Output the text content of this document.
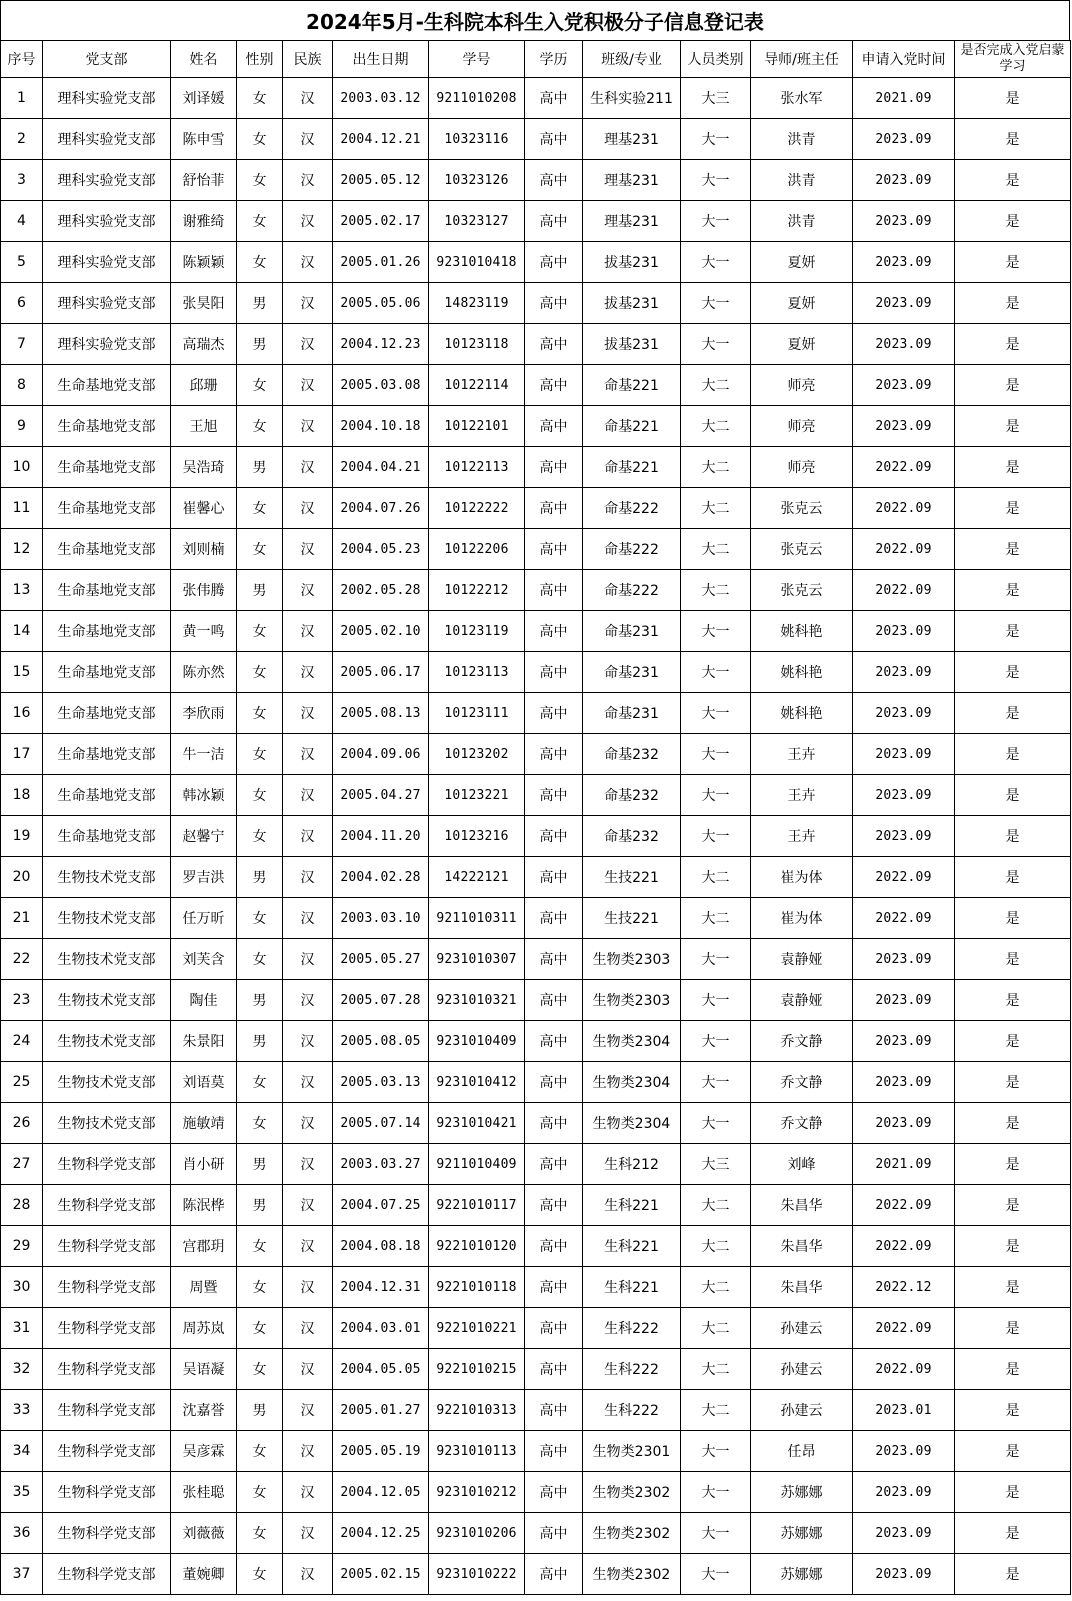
2024年5月-生科院本科生入党积极分子信息登记表
序号	党支部	姓名	性别	民族	出生日期	学号	学历	班级/专业	人员类别	导师/班主任	申请入党时间	是否完成入党启蒙学习
1	理科实验党支部	刘译媛	女	汉	2003.03.12	9211010208	高中	生科实验211	大三	张水军	2021.09	是
2	理科实验党支部	陈申雪	女	汉	2004.12.21	10323116	高中	理基231	大一	洪青	2023.09	是
3	理科实验党支部	舒怡菲	女	汉	2005.05.12	10323126	高中	理基231	大一	洪青	2023.09	是
4	理科实验党支部	谢雅绮	女	汉	2005.02.17	10323127	高中	理基231	大一	洪青	2023.09	是
5	理科实验党支部	陈颖颖	女	汉	2005.01.26	9231010418	高中	拔基231	大一	夏妍	2023.09	是
6	理科实验党支部	张昊阳	男	汉	2005.05.06	14823119	高中	拔基231	大一	夏妍	2023.09	是
7	理科实验党支部	高瑞杰	男	汉	2004.12.23	10123118	高中	拔基231	大一	夏妍	2023.09	是
8	生命基地党支部	邱珊	女	汉	2005.03.08	10122114	高中	命基221	大二	师亮	2023.09	是
9	生命基地党支部	王旭	女	汉	2004.10.18	10122101	高中	命基221	大二	师亮	2023.09	是
10	生命基地党支部	吴浩琦	男	汉	2004.04.21	10122113	高中	命基221	大二	师亮	2022.09	是
11	生命基地党支部	崔馨心	女	汉	2004.07.26	10122222	高中	命基222	大二	张克云	2022.09	是
12	生命基地党支部	刘则楠	女	汉	2004.05.23	10122206	高中	命基222	大二	张克云	2022.09	是
13	生命基地党支部	张伟腾	男	汉	2002.05.28	10122212	高中	命基222	大二	张克云	2022.09	是
14	生命基地党支部	黄一鸣	女	汉	2005.02.10	10123119	高中	命基231	大一	姚科艳	2023.09	是
15	生命基地党支部	陈亦然	女	汉	2005.06.17	10123113	高中	命基231	大一	姚科艳	2023.09	是
16	生命基地党支部	李欣雨	女	汉	2005.08.13	10123111	高中	命基231	大一	姚科艳	2023.09	是
17	生命基地党支部	牛一洁	女	汉	2004.09.06	10123202	高中	命基232	大一	王卉	2023.09	是
18	生命基地党支部	韩冰颖	女	汉	2005.04.27	10123221	高中	命基232	大一	王卉	2023.09	是
19	生命基地党支部	赵馨宁	女	汉	2004.11.20	10123216	高中	命基232	大一	王卉	2023.09	是
20	生物技术党支部	罗吉洪	男	汉	2004.02.28	14222121	高中	生技221	大二	崔为体	2022.09	是
21	生物技术党支部	任万昕	女	汉	2003.03.10	9211010311	高中	生技221	大二	崔为体	2022.09	是
22	生物技术党支部	刘芙含	女	汉	2005.05.27	9231010307	高中	生物类2303	大一	袁静娅	2023.09	是
23	生物技术党支部	陶佳	男	汉	2005.07.28	9231010321	高中	生物类2303	大一	袁静娅	2023.09	是
24	生物技术党支部	朱景阳	男	汉	2005.08.05	9231010409	高中	生物类2304	大一	乔文静	2023.09	是
25	生物技术党支部	刘语莫	女	汉	2005.03.13	9231010412	高中	生物类2304	大一	乔文静	2023.09	是
26	生物技术党支部	施敏靖	女	汉	2005.07.14	9231010421	高中	生物类2304	大一	乔文静	2023.09	是
27	生物科学党支部	肖小研	男	汉	2003.03.27	9211010409	高中	生科212	大三	刘峰	2021.09	是
28	生物科学党支部	陈泯桦	男	汉	2004.07.25	9221010117	高中	生科221	大二	朱昌华	2022.09	是
29	生物科学党支部	宫郡玥	女	汉	2004.08.18	9221010120	高中	生科221	大二	朱昌华	2022.09	是
30	生物科学党支部	周暨	女	汉	2004.12.31	9221010118	高中	生科221	大二	朱昌华	2022.12	是
31	生物科学党支部	周苏岚	女	汉	2004.03.01	9221010221	高中	生科222	大二	孙建云	2022.09	是
32	生物科学党支部	吴语凝	女	汉	2004.05.05	9221010215	高中	生科222	大二	孙建云	2022.09	是
33	生物科学党支部	沈嘉誉	男	汉	2005.01.27	9221010313	高中	生科222	大二	孙建云	2023.01	是
34	生物科学党支部	吴彦霖	女	汉	2005.05.19	9231010113	高中	生物类2301	大一	任昂	2023.09	是
35	生物科学党支部	张桂聪	女	汉	2004.12.05	9231010212	高中	生物类2302	大一	苏娜娜	2023.09	是
36	生物科学党支部	刘薇薇	女	汉	2004.12.25	9231010206	高中	生物类2302	大一	苏娜娜	2023.09	是
37	生物科学党支部	董婉卿	女	汉	2005.02.15	9231010222	高中	生物类2302	大一	苏娜娜	2023.09	是
